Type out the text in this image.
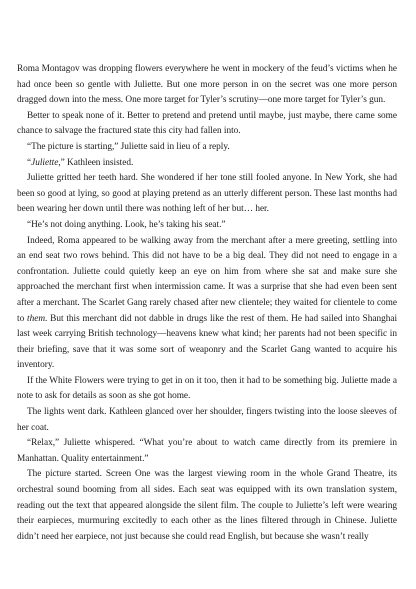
Roma Montagov was dropping flowers everywhere he went in mockery of the feud’s victims when he had once been so gentle with Juliette. But one more person in on the secret was one more person dragged down into the mess. One more target for Tyler’s scrutiny—one more target for Tyler’s gun.

Better to speak none of it. Better to pretend and pretend until maybe, just maybe, there came some chance to salvage the fractured state this city had fallen into.

“The picture is starting,” Juliette said in lieu of a reply.

“Juliette,” Kathleen insisted.

Juliette gritted her teeth hard. She wondered if her tone still fooled anyone. In New York, she had been so good at lying, so good at playing pretend as an utterly different person. These last months had been wearing her down until there was nothing left of her but… her.

“He’s not doing anything. Look, he’s taking his seat.”

Indeed, Roma appeared to be walking away from the merchant after a mere greeting, settling into an end seat two rows behind. This did not have to be a big deal. They did not need to engage in a confrontation. Juliette could quietly keep an eye on him from where she sat and make sure she approached the merchant first when intermission came. It was a surprise that she had even been sent after a merchant. The Scarlet Gang rarely chased after new clientele; they waited for clientele to come to them. But this merchant did not dabble in drugs like the rest of them. He had sailed into Shanghai last week carrying British technology—heavens knew what kind; her parents had not been specific in their briefing, save that it was some sort of weaponry and the Scarlet Gang wanted to acquire his inventory.

If the White Flowers were trying to get in on it too, then it had to be something big. Juliette made a note to ask for details as soon as she got home.

The lights went dark. Kathleen glanced over her shoulder, fingers twisting into the loose sleeves of her coat.

“Relax,” Juliette whispered. “What you’re about to watch came directly from its premiere in Manhattan. Quality entertainment.”

The picture started. Screen One was the largest viewing room in the whole Grand Theatre, its orchestral sound booming from all sides. Each seat was equipped with its own translation system, reading out the text that appeared alongside the silent film. The couple to Juliette’s left were wearing their earpieces, murmuring excitedly to each other as the lines filtered through in Chinese. Juliette didn’t need her earpiece, not just because she could read English, but because she wasn’t really
